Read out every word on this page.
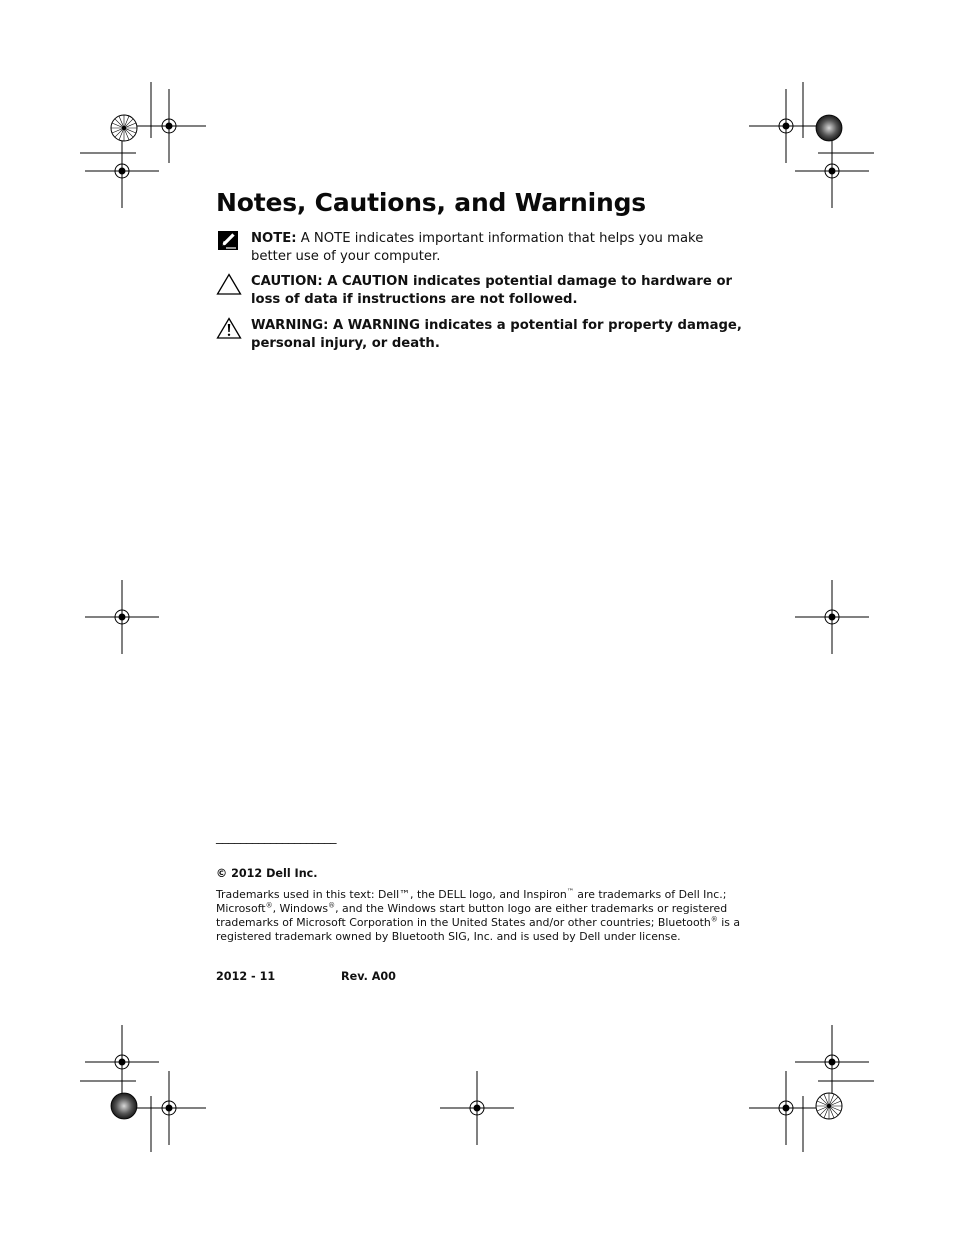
Notes, Cautions, and Warnings
NOTE: A NOTE indicates important information that helps you make better use of your computer.
CAUTION: A CAUTION indicates potential damage to hardware or loss of data if instructions are not followed.
WARNING: A WARNING indicates a potential for property damage, personal injury, or death.
____________________
© 2012 Dell Inc.
Trademarks used in this text: Dell™, the DELL logo, and Inspiron™ are trademarks of Dell Inc.; Microsoft®, Windows®, and the Windows start button logo are either trademarks or registered trademarks of Microsoft Corporation in the United States and/or other countries; Bluetooth® is a registered trademark owned by Bluetooth SIG, Inc. and is used by Dell under license.
2012 - 11	Rev. A00
